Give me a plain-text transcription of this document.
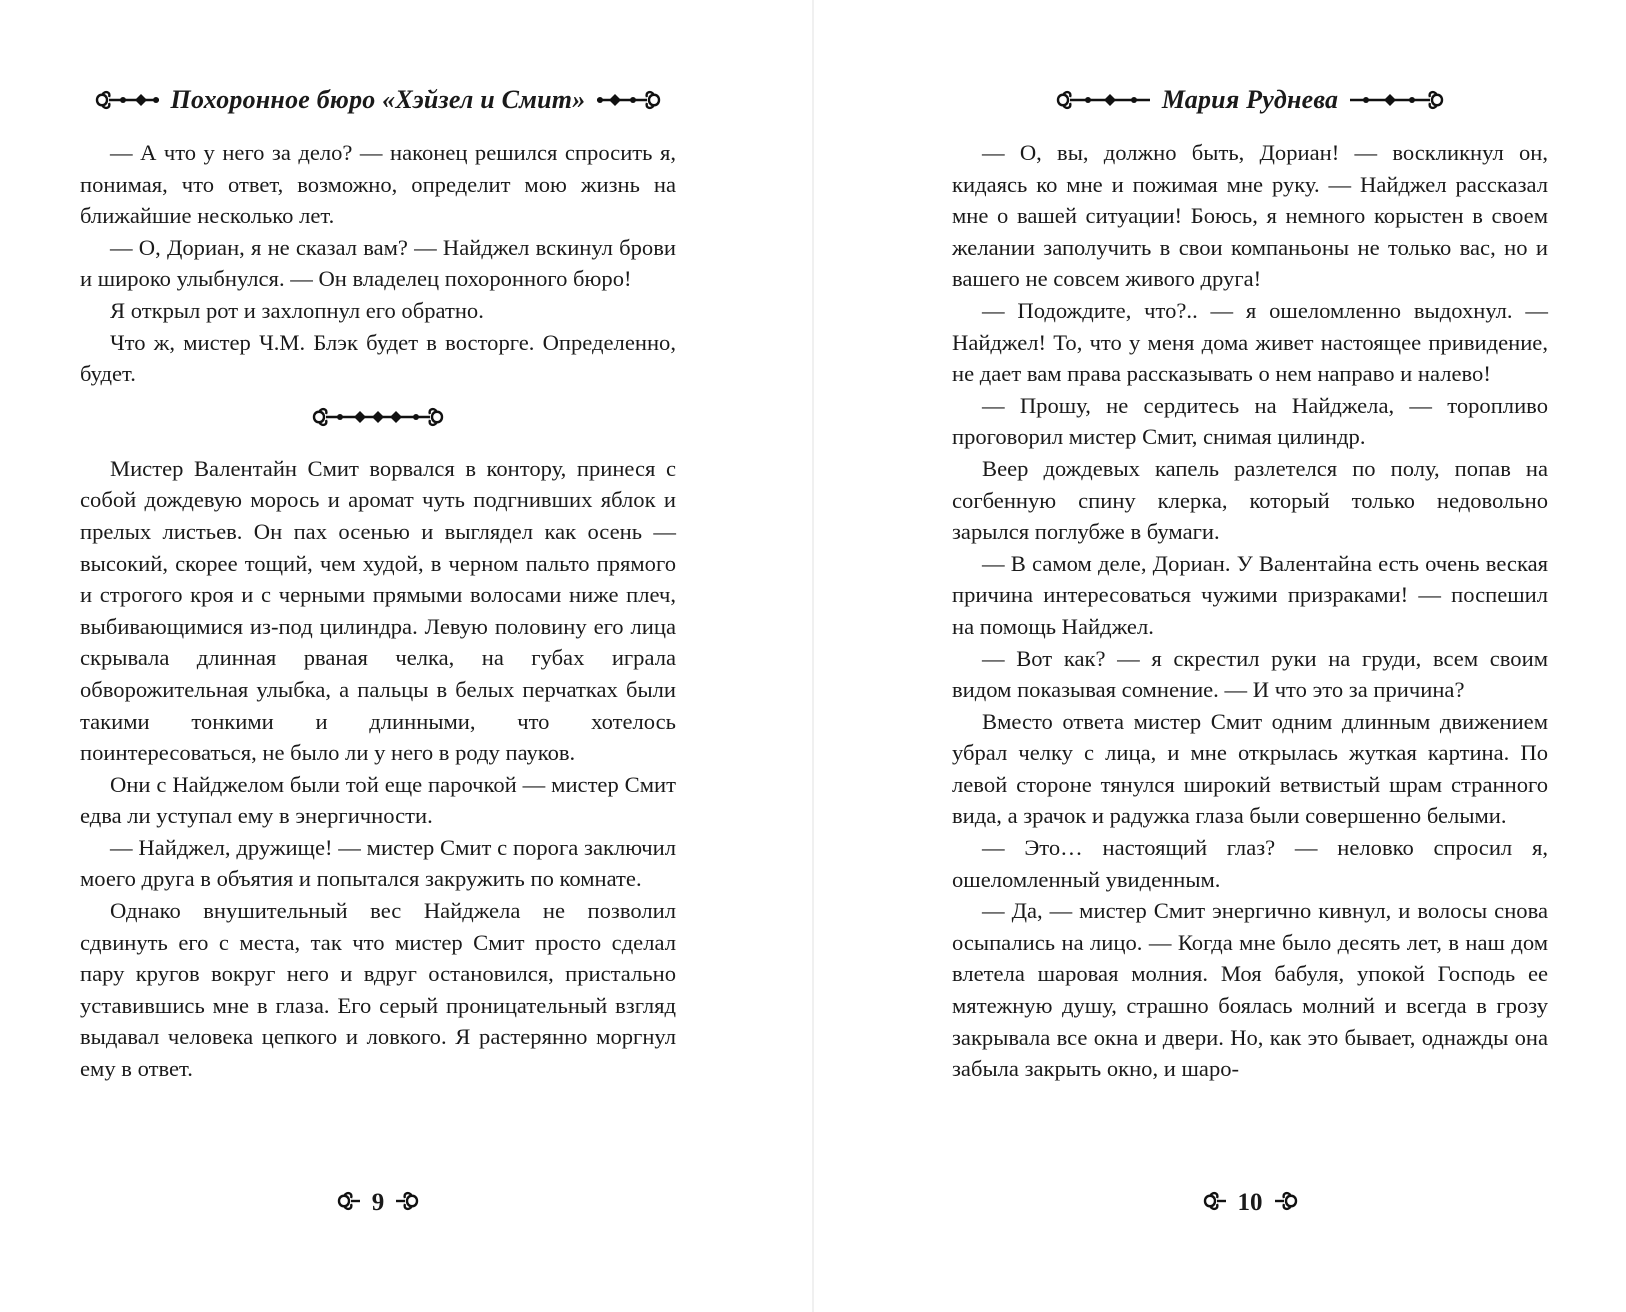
Похоронное бюро «Хэйзел и Смит»

— А что у него за дело? — наконец решился спросить я, понимая, что ответ, возможно, определит мою жизнь на ближайшие несколько лет.

— О, Дориан, я не сказал вам? — Найджел вскинул брови и широко улыбнулся. — Он владелец похоронного бюро!

Я открыл рот и захлопнул его обратно.

Что ж, мистер Ч.М. Блэк будет в восторге. Определенно, будет.

Мистер Валентайн Смит ворвался в контору, принеся с собой дождевую морось и аромат чуть подгнивших яблок и прелых листьев. Он пах осенью и выглядел как осень — высокий, скорее тощий, чем худой, в черном пальто прямого и строгого кроя и с черными прямыми волосами ниже плеч, выбивающимися из-под цилиндра. Левую половину его лица скрывала длинная рваная челка, на губах играла обворожительная улыбка, а пальцы в белых перчатках были такими тонкими и длинными, что хотелось поинтересоваться, не было ли у него в роду пауков.

Они с Найджелом были той еще парочкой — мистер Смит едва ли уступал ему в энергичности.

— Найджел, дружище! — мистер Смит с порога заключил моего друга в объятия и попытался закружить по комнате.

Однако внушительный вес Найджела не позволил сдвинуть его с места, так что мистер Смит просто сделал пару кругов вокруг него и вдруг остановился, пристально уставившись мне в глаза. Его серый проницательный взгляд выдавал человека цепкого и ловкого. Я растерянно моргнул ему в ответ.

9
Мария Руднева

— О, вы, должно быть, Дориан! — воскликнул он, кидаясь ко мне и пожимая мне руку. — Найджел рассказал мне о вашей ситуации! Боюсь, я немного корыстен в своем желании заполучить в свои компаньоны не только вас, но и вашего не совсем живого друга!

— Подождите, что?.. — я ошеломленно выдохнул. — Найджел! То, что у меня дома живет настоящее привидение, не дает вам права рассказывать о нем направо и налево!

— Прошу, не сердитесь на Найджела, — торопливо проговорил мистер Смит, снимая цилиндр.

Веер дождевых капель разлетелся по полу, попав на согбенную спину клерка, который только недовольно зарылся поглубже в бумаги.

— В самом деле, Дориан. У Валентайна есть очень веская причина интересоваться чужими призраками! — поспешил на помощь Найджел.

— Вот как? — я скрестил руки на груди, всем своим видом показывая сомнение. — И что это за причина?

Вместо ответа мистер Смит одним длинным движением убрал челку с лица, и мне открылась жуткая картина. По левой стороне тянулся широкий ветвистый шрам странного вида, а зрачок и радужка глаза были совершенно белыми.

— Это… настоящий глаз? — неловко спросил я, ошеломленный увиденным.

— Да, — мистер Смит энергично кивнул, и волосы снова осыпались на лицо. — Когда мне было десять лет, в наш дом влетела шаровая молния. Моя бабуля, упокой Господь ее мятежную душу, страшно боялась молний и всегда в грозу закрывала все окна и двери. Но, как это бывает, однажды она забыла закрыть окно, и шаро-

10
